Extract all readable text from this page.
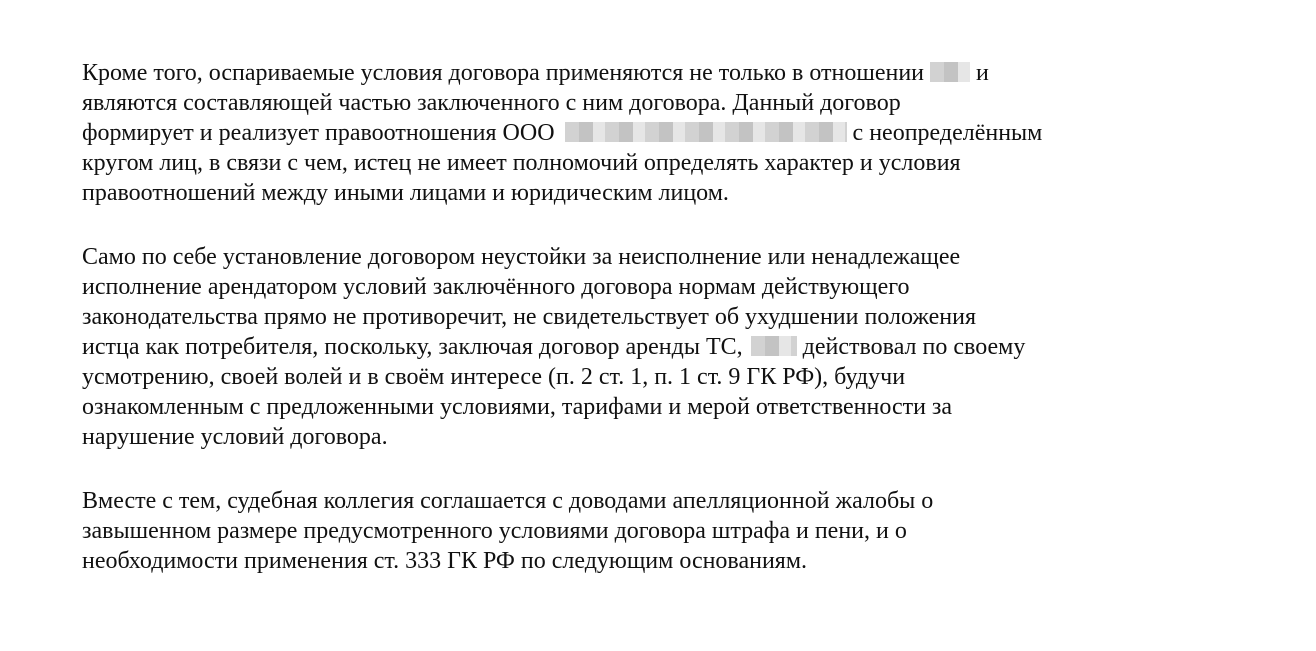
Кроме того, оспариваемые условия договора применяются не только в отношении  и
являются составляющей частью заключенного с ним договора. Данный договор
формирует и реализует правоотношения ООО	с неопределённым
кругом лиц, в связи с чем, истец не имеет полномочий определять характер и условия
правоотношений между иными лицами и юридическим лицом.
Само по себе установление договором неустойки за неисполнение или ненадлежащее
исполнение арендатором условий заключённого договора нормам действующего
законодательства прямо не противоречит, не свидетельствует об ухудшении положения
истца как потребителя, поскольку, заключая договор аренды ТС,  действовал по своему
усмотрению, своей волей и в своём интересе (п. 2 ст. 1, п. 1 ст. 9 ГК РФ), будучи
ознакомленным с предложенными условиями, тарифами и мерой ответственности за
нарушение условий договора.
Вместе с тем, судебная коллегия соглашается с доводами апелляционной жалобы о
завышенном размере предусмотренного условиями договора штрафа и пени, и о
необходимости применения ст. 333 ГК РФ по следующим основаниям.
